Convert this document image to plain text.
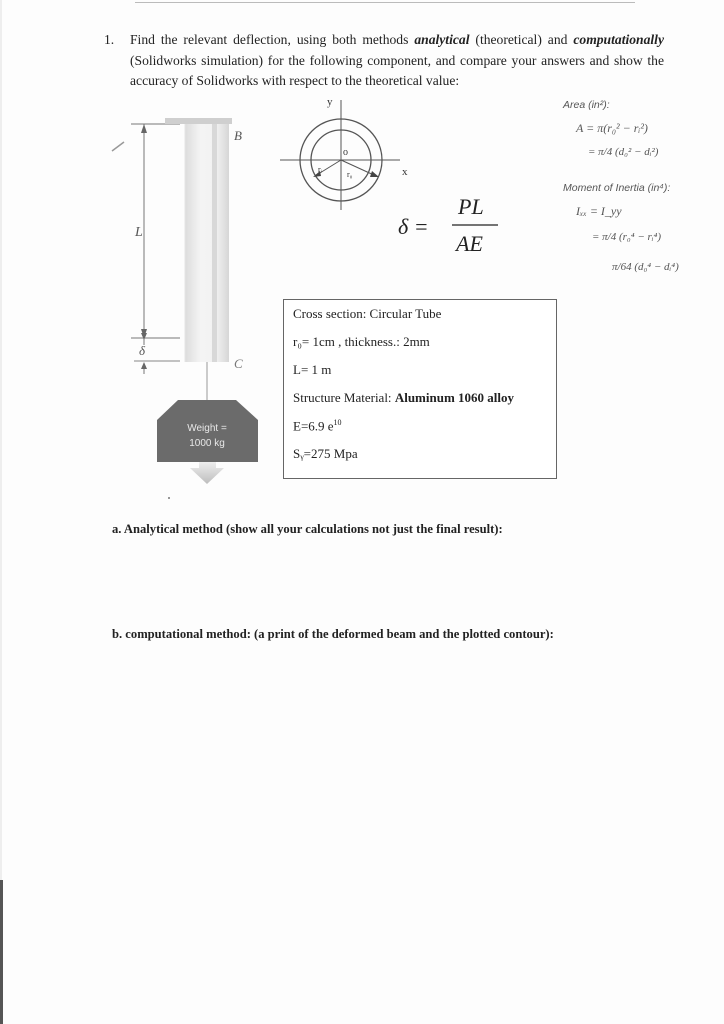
1. Find the relevant deflection, using both methods analytical (theoretical) and computationally (Solidworks simulation) for the following component, and compare your answers and show the accuracy of Solidworks with respect to the theoretical value:
L
δ
B
C
Weight =
1000 kg
y
x
o
rᵢ
r₀
δ =
PL
AE
Area (in²):
A = π(r₀² − rᵢ²)
= π/4 (d₀² − dᵢ²)
Moment of Inertia (in⁴):
Iₓₓ = I_yy
= π/4 (r₀⁴ − rᵢ⁴)
π/64 (d₀⁴ − dᵢ⁴)
Cross section: Circular Tube
r₀= 1cm , thickness.: 2mm
L= 1 m
Structure Material: Aluminum 1060 alloy
E=6.9 $e^{10}$
Sᵧ=275 Mpa
a. Analytical method (show all your calculations not just the final result):
b. computational method: (a print of the deformed beam and the plotted contour):
